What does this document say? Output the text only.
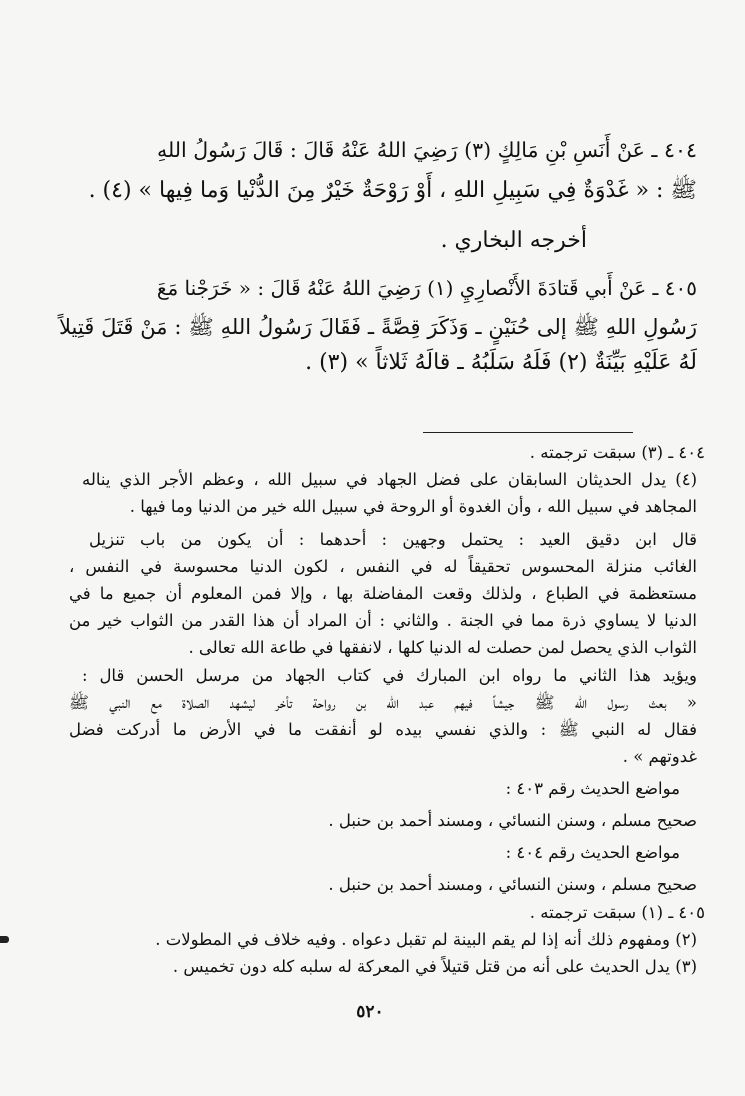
٤٠٤ ـ عَنْ أَنَسِ بْنِ مَالِكٍ (٣) رَضِيَ اللهُ عَنْهُ قَالَ : قَالَ رَسُولُ اللهِ
ﷺ : « غَدْوَةٌ فِي سَبِيلِ اللهِ ، أَوْ رَوْحَةٌ خَيْرٌ مِنَ الدُّنْيا وَما فِيها » (٤) .
أخرجه البخاري .
٤٠٥ ـ عَنْ أَبي قَتادَةَ الأَنْصارِيِ (١) رَضِيَ اللهُ عَنْهُ قَالَ : « خَرَجْنا مَعَ
رَسُولِ اللهِ ﷺ إلى حُنَيْنٍ ـ وَذَكَرَ قِصَّةً ـ فَقَالَ رَسُولُ اللهِ ﷺ : مَنْ قَتَلَ قَتِيلاً
لَهُ عَلَيْهِ بَيِّنَةٌ (٢) فَلَهُ سَلَبُهُ ـ قالَهُ ثَلاثاً » (٣) .
٤٠٤ ـ (٣) سبقت ترجمته .
(٤) يدل الحديثان السابقان على فضل الجهاد في سبيل الله ، وعظم الأجر الذي يناله
المجاهد في سبيل الله ، وأن الغدوة أو الروحة في سبيل الله خير من الدنيا وما فيها .
قال ابن دقيق العيد : يحتمل وجهين : أحدهما : أن يكون من باب تنزيل
الغائب منزلة المحسوس تحقيقاً له في النفس ، لكون الدنيا محسوسة في النفس ،
مستعظمة في الطباع ، ولذلك وقعت المفاضلة بها ، وإلا فمن المعلوم أن جميع ما في
الدنيا لا يساوي ذرة مما في الجنة . والثاني : أن المراد أن هذا القدر من الثواب خير من
الثواب الذي يحصل لمن حصلت له الدنيا كلها ، لانفقها في طاعة الله تعالى .
ويؤيد هذا الثاني ما رواه ابن المبارك في كتاب الجهاد من مرسل الحسن قال :
« بعث رسول الله ﷺ جيشاً فيهم عبد الله بن رواحة تأخر ليشهد الصلاة مع النبي ﷺ
فقال له النبي ﷺ : والذي نفسي بيده لو أنفقت ما في الأرض ما أدركت فضل
غدوتهم » .
مواضع الحديث رقم ٤٠٣ :
صحيح مسلم ، وسنن النسائي ، ومسند أحمد بن حنبل .
مواضع الحديث رقم ٤٠٤ :
صحيح مسلم ، وسنن النسائي ، ومسند أحمد بن حنبل .
٤٠٥ ـ (١) سبقت ترجمته .
(٢) ومفهوم ذلك أنه إذا لم يقم البينة لم تقبل دعواه . وفيه خلاف في المطولات .
(٣) يدل الحديث على أنه من قتل قتيلاً في المعركة له سلبه كله دون تخميس .
٥٢٠
